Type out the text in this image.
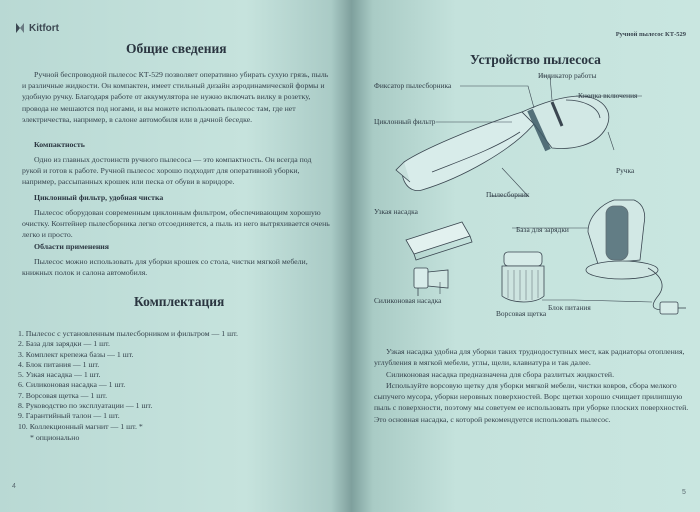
Kitfort
Общие сведения

Ручной беспроводной пылесос КТ-529 позволяет оперативно убирать сухую грязь, пыль и различные жидкости. Он компактен, имеет стильный дизайн аэродинамической формы и удобную ручку. Благодаря работе от аккумулятора не нужно включать вилку в розетку, провода не мешаются под ногами, и вы можете использовать пылесос там, где нет электричества, например, в салоне автомобиля или в дачной беседке.

Компактность

Одно из главных достоинств ручного пылесоса — это компактность. Он всегда под рукой и готов к работе. Ручной пылесос хорошо подходит для оперативной уборки, например, рассыпанных крошек или песка от обуви в коридоре.

Циклонный фильтр, удобная чистка

Пылесос оборудован современным циклонным фильтром, обеспечивающим хорошую очистку. Контейнер пылесборника легко отсоединяется, а пыль из него вытряхивается очень легко и просто.

Области применения

Пылесос можно использовать для уборки крошек со стола, чистки мягкой мебели, книжных полок и салона автомобиля.

Комплектация
1. Пылесос с установленным пылесборником и фильтром — 1 шт.
2. База для зарядки — 1 шт.
3. Комплект крепежа базы — 1 шт.
4. Блок питания — 1 шт.
5. Узкая насадка — 1 шт.
6. Силиконовая насадка — 1 шт.
7. Ворсовая щетка — 1 шт.
8. Руководство по эксплуатации — 1 шт.
9. Гарантийный талон — 1 шт.
10. Коллекционный магнит — 1 шт. *
* опционально
4
Ручной пылесос КТ-529
Устройство пылесоса
Индикатор работы
Фиксатор пылесборника
Кнопка включения
Циклонный фильтр
Ручка
Пылесборник
Узкая насадка
База для зарядки
Силиконовая насадка
Блок питания
Ворсовая щетка

Узкая насадка удобна для уборки таких труднодоступных мест, как радиаторы отопления, углубления в мягкой мебели, углы, щели, клавиатура и так далее.

Силиконовая насадка предназначена для сбора разлитых жидкостей.

Используйте ворсовую щетку для уборки мягкой мебели, чистки ковров, сбора мелкого сыпучего мусора, уборки неровных поверхностей. Ворс щетки хорошо счищает прилипшую пыль с поверхности, поэтому мы советуем ее использовать при уборке плоских поверхностей. Это основная насадка, с которой рекомендуется использовать пылесос.

5
